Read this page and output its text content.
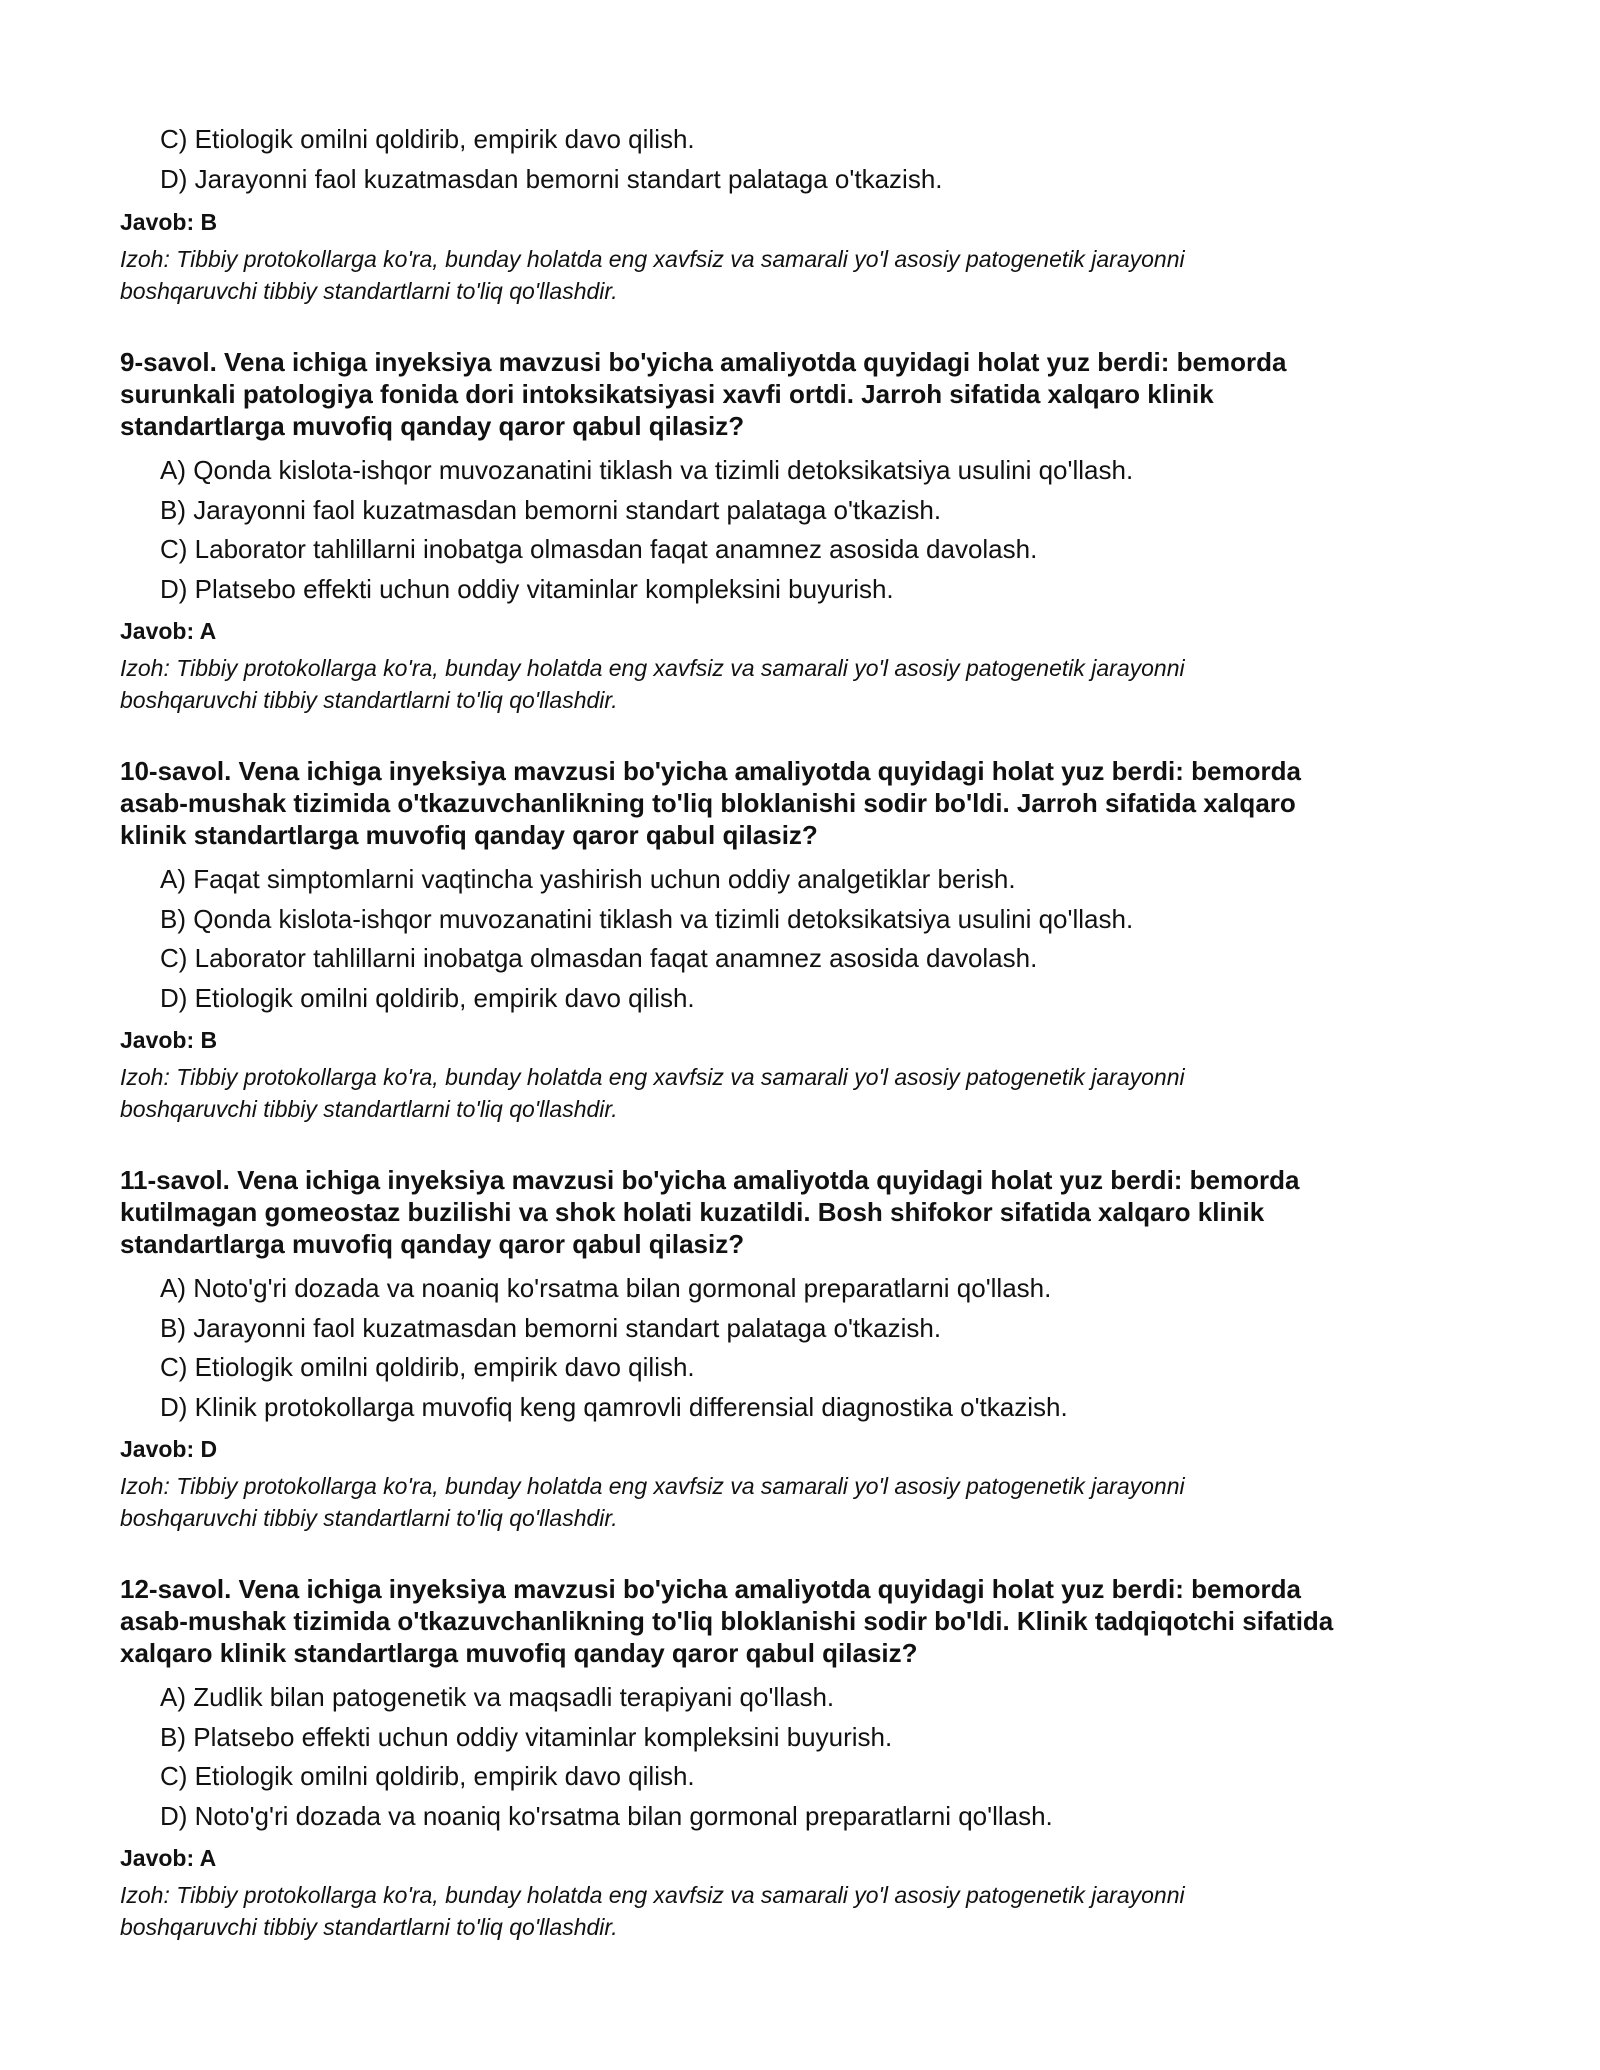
C) Etiologik omilni qoldirib, empirik davo qilish.
D) Jarayonni faol kuzatmasdan bemorni standart palataga o'tkazish.
Javob: B
Izoh: Tibbiy protokollarga ko'ra, bunday holatda eng xavfsiz va samarali yo'l asosiy patogenetik jarayonni
boshqaruvchi tibbiy standartlarni to'liq qo'llashdir.
9-savol. Vena ichiga inyeksiya mavzusi bo'yicha amaliyotda quyidagi holat yuz berdi: bemorda
surunkali patologiya fonida dori intoksikatsiyasi xavfi ortdi. Jarroh sifatida xalqaro klinik
standartlarga muvofiq qanday qaror qabul qilasiz?
A) Qonda kislota-ishqor muvozanatini tiklash va tizimli detoksikatsiya usulini qo'llash.
B) Jarayonni faol kuzatmasdan bemorni standart palataga o'tkazish.
C) Laborator tahlillarni inobatga olmasdan faqat anamnez asosida davolash.
D) Platsebo effekti uchun oddiy vitaminlar kompleksini buyurish.
Javob: A
Izoh: Tibbiy protokollarga ko'ra, bunday holatda eng xavfsiz va samarali yo'l asosiy patogenetik jarayonni
boshqaruvchi tibbiy standartlarni to'liq qo'llashdir.
10-savol. Vena ichiga inyeksiya mavzusi bo'yicha amaliyotda quyidagi holat yuz berdi: bemorda
asab-mushak tizimida o'tkazuvchanlikning to'liq bloklanishi sodir bo'ldi. Jarroh sifatida xalqaro
klinik standartlarga muvofiq qanday qaror qabul qilasiz?
A) Faqat simptomlarni vaqtincha yashirish uchun oddiy analgetiklar berish.
B) Qonda kislota-ishqor muvozanatini tiklash va tizimli detoksikatsiya usulini qo'llash.
C) Laborator tahlillarni inobatga olmasdan faqat anamnez asosida davolash.
D) Etiologik omilni qoldirib, empirik davo qilish.
Javob: B
Izoh: Tibbiy protokollarga ko'ra, bunday holatda eng xavfsiz va samarali yo'l asosiy patogenetik jarayonni
boshqaruvchi tibbiy standartlarni to'liq qo'llashdir.
11-savol. Vena ichiga inyeksiya mavzusi bo'yicha amaliyotda quyidagi holat yuz berdi: bemorda
kutilmagan gomeostaz buzilishi va shok holati kuzatildi. Bosh shifokor sifatida xalqaro klinik
standartlarga muvofiq qanday qaror qabul qilasiz?
A) Noto'g'ri dozada va noaniq ko'rsatma bilan gormonal preparatlarni qo'llash.
B) Jarayonni faol kuzatmasdan bemorni standart palataga o'tkazish.
C) Etiologik omilni qoldirib, empirik davo qilish.
D) Klinik protokollarga muvofiq keng qamrovli differensial diagnostika o'tkazish.
Javob: D
Izoh: Tibbiy protokollarga ko'ra, bunday holatda eng xavfsiz va samarali yo'l asosiy patogenetik jarayonni
boshqaruvchi tibbiy standartlarni to'liq qo'llashdir.
12-savol. Vena ichiga inyeksiya mavzusi bo'yicha amaliyotda quyidagi holat yuz berdi: bemorda
asab-mushak tizimida o'tkazuvchanlikning to'liq bloklanishi sodir bo'ldi. Klinik tadqiqotchi sifatida
xalqaro klinik standartlarga muvofiq qanday qaror qabul qilasiz?
A) Zudlik bilan patogenetik va maqsadli terapiyani qo'llash.
B) Platsebo effekti uchun oddiy vitaminlar kompleksini buyurish.
C) Etiologik omilni qoldirib, empirik davo qilish.
D) Noto'g'ri dozada va noaniq ko'rsatma bilan gormonal preparatlarni qo'llash.
Javob: A
Izoh: Tibbiy protokollarga ko'ra, bunday holatda eng xavfsiz va samarali yo'l asosiy patogenetik jarayonni
boshqaruvchi tibbiy standartlarni to'liq qo'llashdir.
